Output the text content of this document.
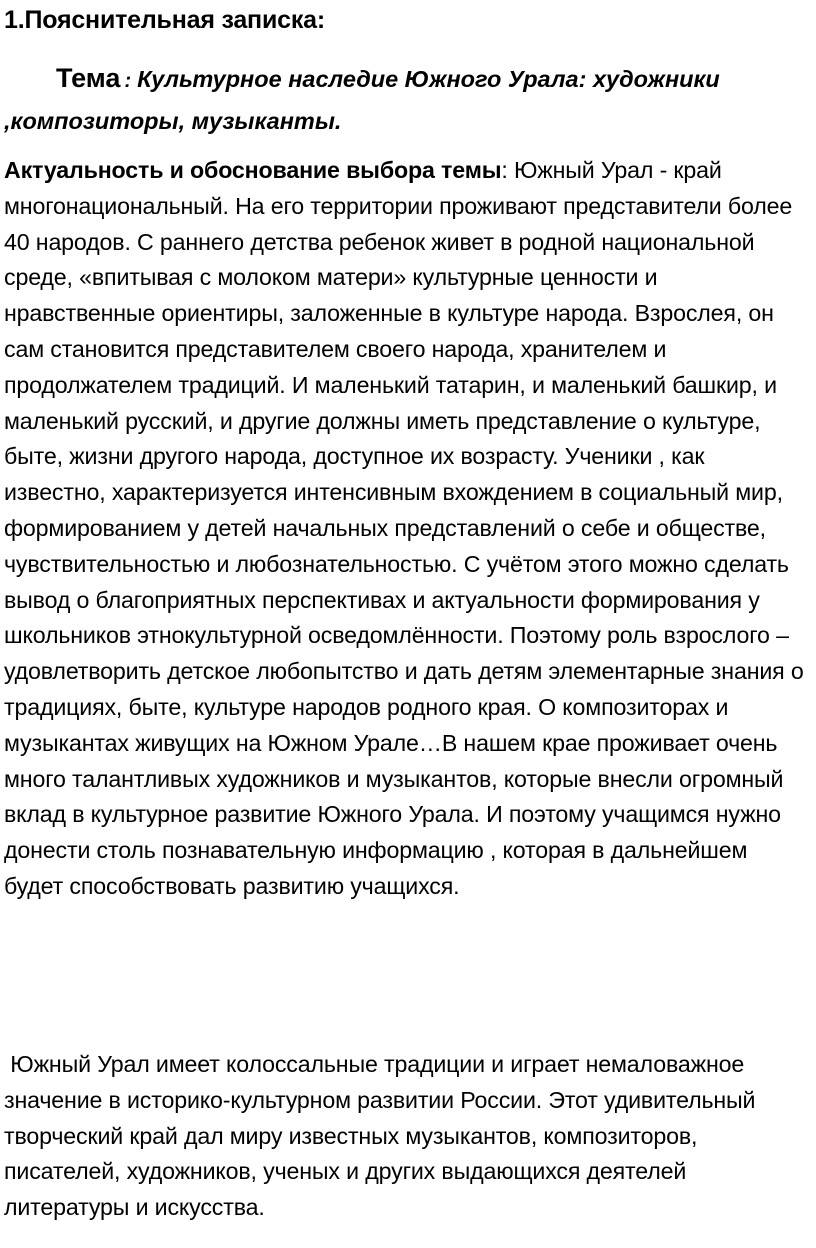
1.Пояснительная записка:
Тема : Культурное наследие Южного Урала: художники ,композиторы, музыканты.
Актуальность и обоснование выбора темы: Южный Урал - край многонациональный. На его территории проживают представители более 40 народов. С раннего детства ребенок живет в родной национальной среде, «впитывая с молоком матери» культурные ценности и нравственные ориентиры, заложенные в культуре народа. Взрослея, он сам становится представителем своего народа, хранителем и продолжателем традиций. И маленький татарин, и маленький башкир, и маленький русский, и другие должны иметь представление о культуре, быте, жизни другого народа, доступное их возрасту. Ученики , как известно, характеризуется интенсивным вхождением в социальный мир, формированием у детей начальных представлений о себе и обществе, чувствительностью и любознательностью. С учётом этого можно сделать вывод о благоприятных перспективах и актуальности формирования у школьников этнокультурной осведомлённости. Поэтому роль взрослого – удовлетворить детское любопытство и дать детям элементарные знания о традициях, быте, культуре народов родного края. О композиторах и музыкантах живущих на Южном Урале…В нашем крае проживает очень много талантливых художников и музыкантов, которые внесли огромный вклад в культурное развитие Южного Урала. И поэтому учащимся нужно донести столь познавательную информацию , которая в дальнейшем будет способствовать развитию учащихся.
Южный Урал имеет колоссальные традиции и играет немаловажное значение в историко-культурном развитии России. Этот удивительный творческий край дал миру известных музыкантов, композиторов, писателей, художников, ученых и других выдающихся деятелей литературы и искусства.
